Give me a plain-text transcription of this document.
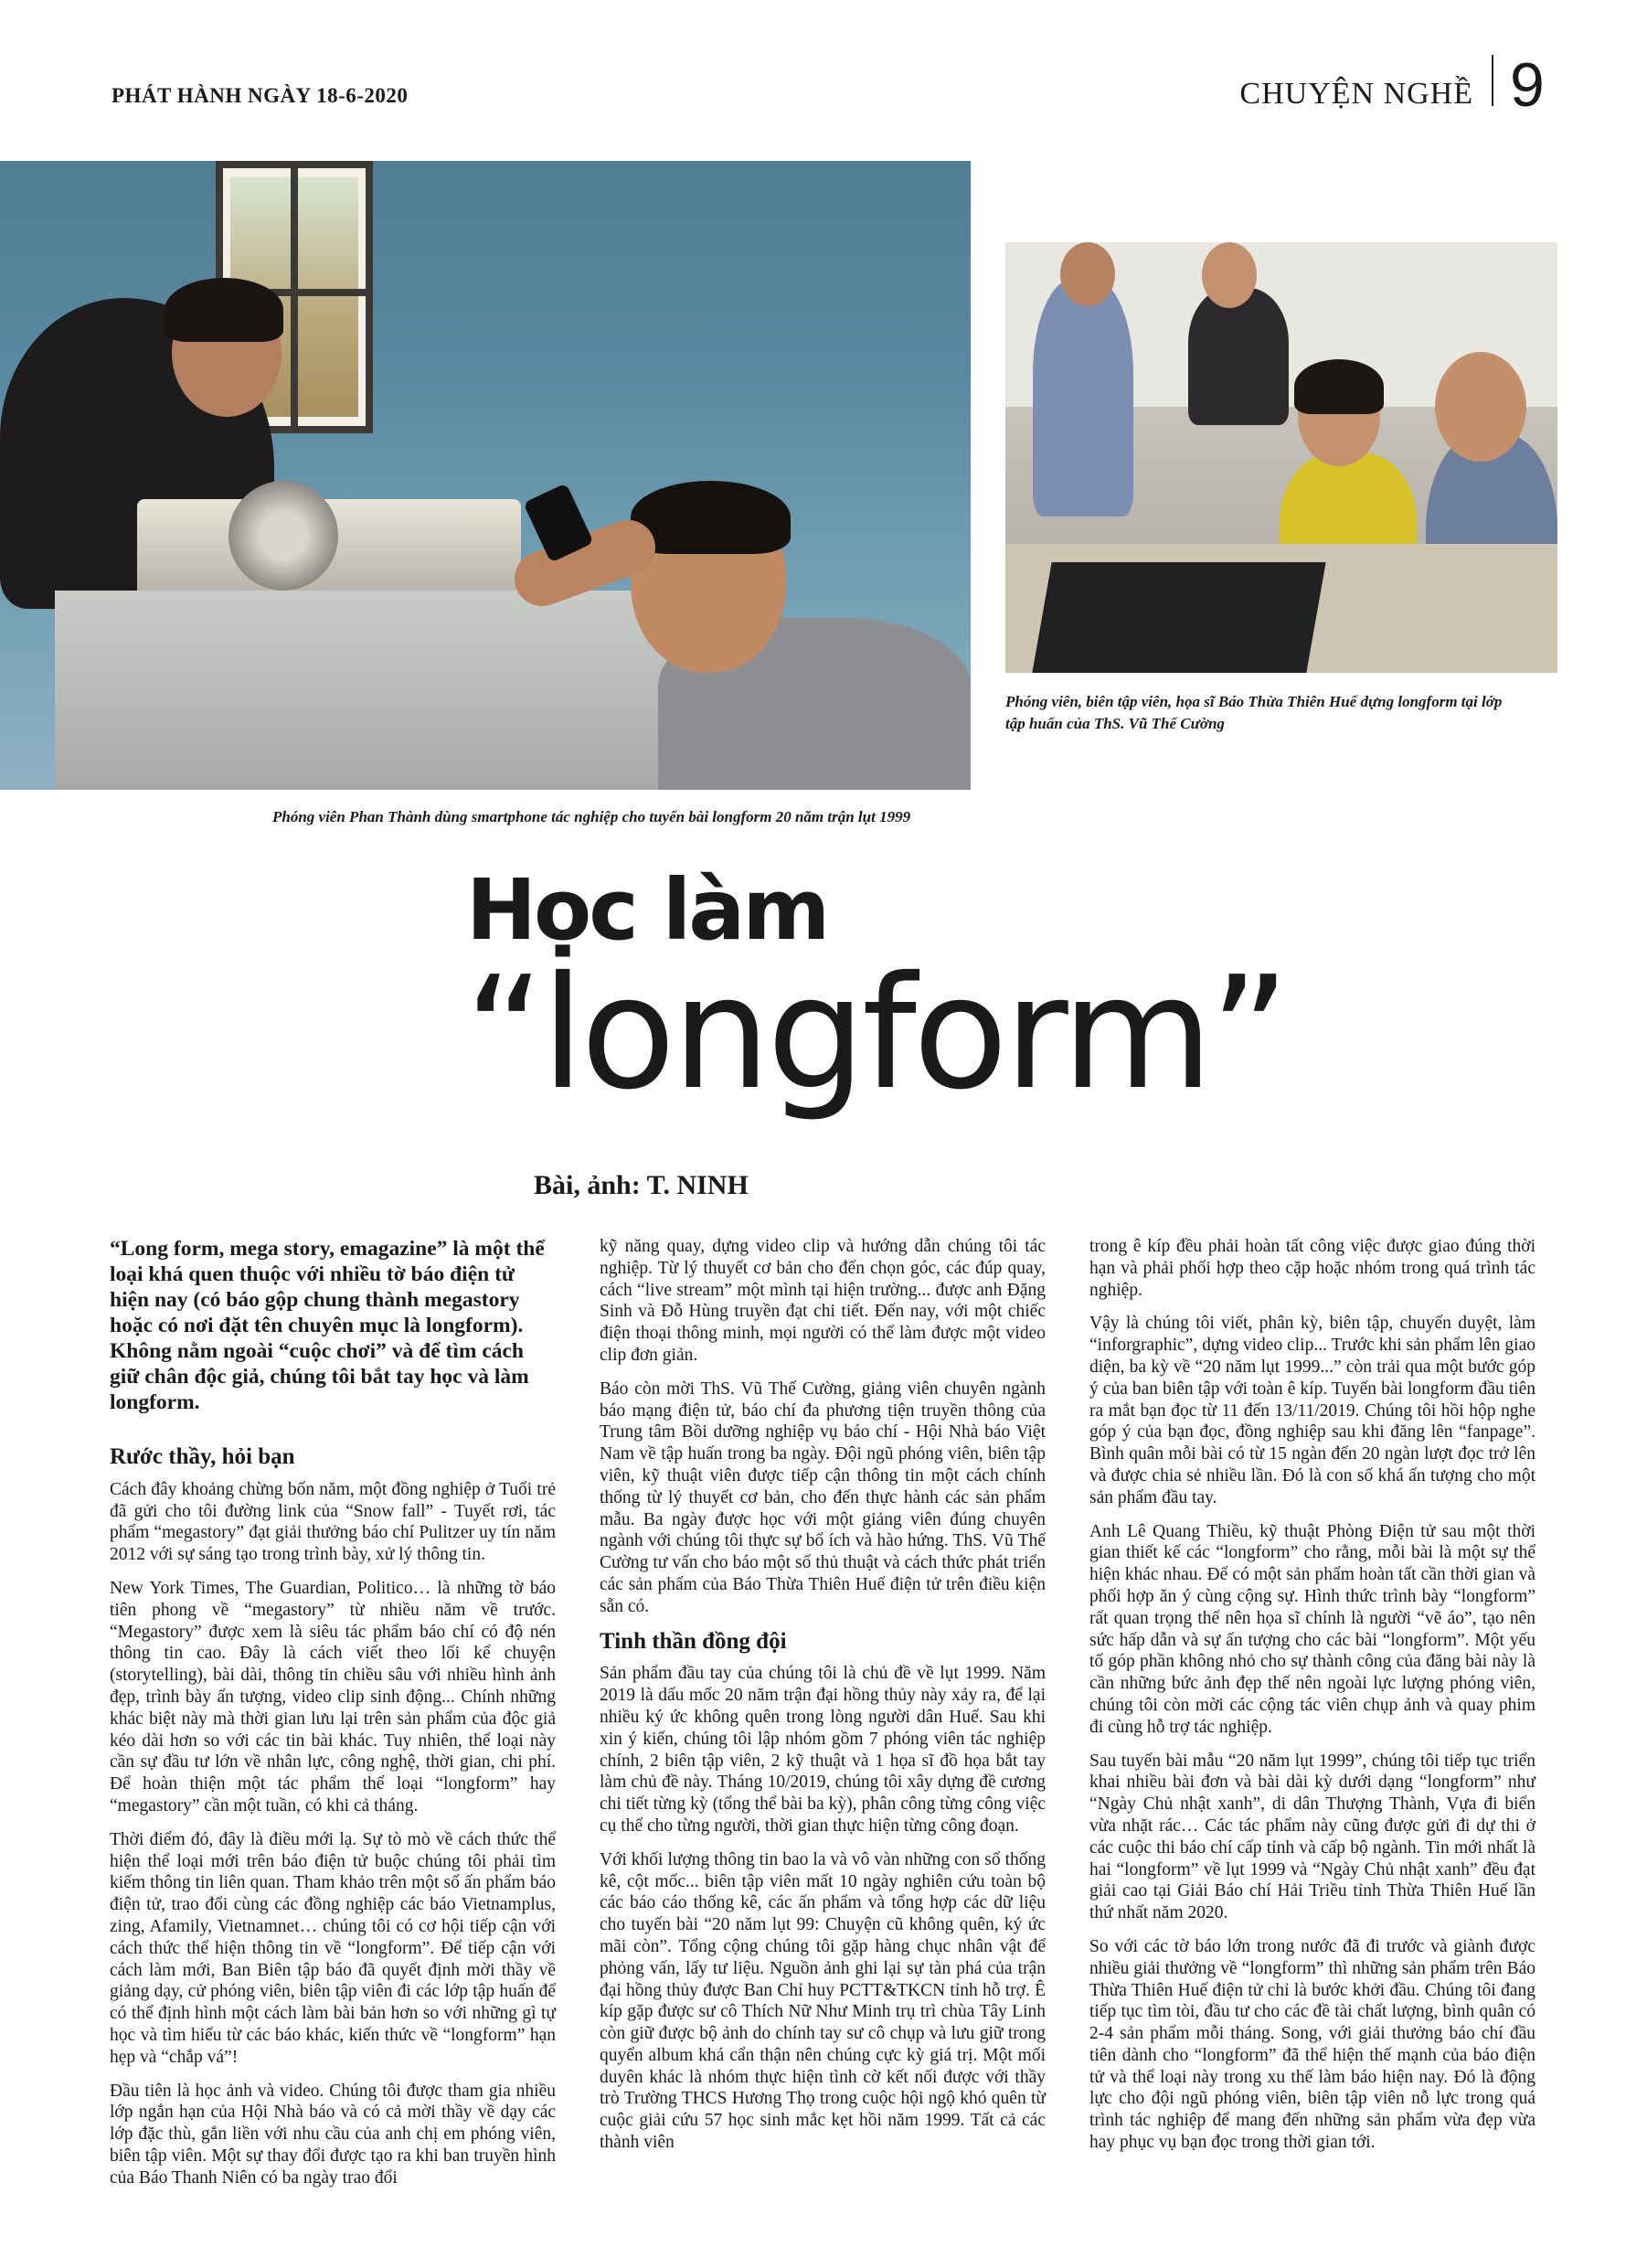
PHÁT HÀNH NGÀY 18-6-2020	CHUYỆN NGHỀ 9
Phóng viên Phan Thành dùng smartphone tác nghiệp cho tuyến bài longform 20 năm trận lụt 1999
Phóng viên, biên tập viên, họa sĩ Báo Thừa Thiên Huế dựng longform tại lớp tập huấn của ThS. Vũ Thế Cường
Học làm
“longform”
Bài, ảnh: T. NINH

“Long form, mega story, emagazine” là một thể loại khá quen thuộc với nhiều tờ báo điện tử hiện nay (có báo gộp chung thành megastory hoặc có nơi đặt tên chuyên mục là longform). Không nằm ngoài “cuộc chơi” và để tìm cách giữ chân độc giả, chúng tôi bắt tay học và làm longform.

Rước thầy, hỏi bạn

Cách đây khoảng chừng bốn năm, một đồng nghiệp ở Tuổi trẻ đã gửi cho tôi đường link của “Snow fall” - Tuyết rơi, tác phẩm “megastory” đạt giải thưởng báo chí Pulitzer uy tín năm 2012 với sự sáng tạo trong trình bày, xử lý thông tin.

New York Times, The Guardian, Politico… là những tờ báo tiên phong về “megastory” từ nhiều năm về trước. “Megastory” được xem là siêu tác phẩm báo chí có độ nén thông tin cao. Đây là cách viết theo lối kể chuyện (storytelling), bài dài, thông tin chiều sâu với nhiều hình ảnh đẹp, trình bày ấn tượng, video clip sinh động... Chính những khác biệt này mà thời gian lưu lại trên sản phẩm của độc giả kéo dài hơn so với các tin bài khác. Tuy nhiên, thể loại này cần sự đầu tư lớn về nhân lực, công nghệ, thời gian, chi phí. Để hoàn thiện một tác phẩm thể loại “longform” hay “megastory” cần một tuần, có khi cả tháng.

Thời điểm đó, đây là điều mới lạ. Sự tò mò về cách thức thể hiện thể loại mới trên báo điện tử buộc chúng tôi phải tìm kiếm thông tin liên quan. Tham khảo trên một số ấn phẩm báo điện tử, trao đổi cùng các đồng nghiệp các báo Vietnamplus, zing, Afamily, Vietnamnet… chúng tôi có cơ hội tiếp cận với cách thức thể hiện thông tin về “longform”. Để tiếp cận với cách làm mới, Ban Biên tập báo đã quyết định mời thầy về giảng dạy, cử phóng viên, biên tập viên đi các lớp tập huấn để có thể định hình một cách làm bài bản hơn so với những gì tự học và tìm hiểu từ các báo khác, kiến thức về “longform” hạn hẹp và “chắp vá”!

Đầu tiên là học ảnh và video. Chúng tôi được tham gia nhiều lớp ngắn hạn của Hội Nhà báo và có cả mời thầy về dạy các lớp đặc thù, gắn liền với nhu cầu của anh chị em phóng viên, biên tập viên. Một sự thay đổi được tạo ra khi ban truyền hình của Báo Thanh Niên có ba ngày trao đổi

kỹ năng quay, dựng video clip và hướng dẫn chúng tôi tác nghiệp. Từ lý thuyết cơ bản cho đến chọn góc, các đúp quay, cách “live stream” một mình tại hiện trường... được anh Đặng Sinh và Đỗ Hùng truyền đạt chi tiết. Đến nay, với một chiếc điện thoại thông minh, mọi người có thể làm được một video clip đơn giản.

Báo còn mời ThS. Vũ Thế Cường, giảng viên chuyên ngành báo mạng điện tử, báo chí đa phương tiện truyền thông của Trung tâm Bồi dưỡng nghiệp vụ báo chí - Hội Nhà báo Việt Nam về tập huấn trong ba ngày. Đội ngũ phóng viên, biên tập viên, kỹ thuật viên được tiếp cận thông tin một cách chính thống từ lý thuyết cơ bản, cho đến thực hành các sản phẩm mẫu. Ba ngày được học với một giảng viên đúng chuyên ngành với chúng tôi thực sự bổ ích và hào hứng. ThS. Vũ Thế Cường tư vấn cho báo một số thủ thuật và cách thức phát triển các sản phẩm của Báo Thừa Thiên Huế điện tử trên điều kiện sẵn có.

Tinh thần đồng đội

Sản phẩm đầu tay của chúng tôi là chủ đề về lụt 1999. Năm 2019 là dấu mốc 20 năm trận đại hồng thủy này xảy ra, để lại nhiều ký ức không quên trong lòng người dân Huế. Sau khi xin ý kiến, chúng tôi lập nhóm gồm 7 phóng viên tác nghiệp chính, 2 biên tập viên, 2 kỹ thuật và 1 họa sĩ đồ họa bắt tay làm chủ đề này. Tháng 10/2019, chúng tôi xây dựng đề cương chi tiết từng kỳ (tổng thể bài ba kỳ), phân công từng công việc cụ thể cho từng người, thời gian thực hiện từng công đoạn.

Với khối lượng thông tin bao la và vô vàn những con số thống kê, cột mốc... biên tập viên mất 10 ngày nghiên cứu toàn bộ các báo cáo thống kê, các ấn phẩm và tổng hợp các dữ liệu cho tuyến bài “20 năm lụt 99: Chuyện cũ không quên, ký ức mãi còn”. Tổng cộng chúng tôi gặp hàng chục nhân vật để phỏng vấn, lấy tư liệu. Nguồn ảnh ghi lại sự tàn phá của trận đại hồng thủy được Ban Chỉ huy PCTT&TKCN tỉnh hỗ trợ. Ê kíp gặp được sư cô Thích Nữ Như Minh trụ trì chùa Tây Linh còn giữ được bộ ảnh do chính tay sư cô chụp và lưu giữ trong quyển album khá cẩn thận nên chúng cực kỳ giá trị. Một mối duyên khác là nhóm thực hiện tình cờ kết nối được với thầy trò Trường THCS Hương Thọ trong cuộc hội ngộ khó quên từ cuộc giải cứu 57 học sinh mắc kẹt hồi năm 1999. Tất cả các thành viên

trong ê kíp đều phải hoàn tất công việc được giao đúng thời hạn và phải phối hợp theo cặp hoặc nhóm trong quá trình tác nghiệp.

Vậy là chúng tôi viết, phân kỳ, biên tập, chuyển duyệt, làm “inforgraphic”, dựng video clip... Trước khi sản phẩm lên giao diện, ba kỳ về “20 năm lụt 1999...” còn trải qua một bước góp ý của ban biên tập với toàn ê kíp. Tuyến bài longform đầu tiên ra mắt bạn đọc từ 11 đến 13/11/2019. Chúng tôi hồi hộp nghe góp ý của bạn đọc, đồng nghiệp sau khi đăng lên “fanpage”. Bình quân mỗi bài có từ 15 ngàn đến 20 ngàn lượt đọc trở lên và được chia sẻ nhiều lần. Đó là con số khá ấn tượng cho một sản phẩm đầu tay.

Anh Lê Quang Thiều, kỹ thuật Phòng Điện tử sau một thời gian thiết kế các “longform” cho rằng, mỗi bài là một sự thể hiện khác nhau. Để có một sản phẩm hoàn tất cần thời gian và phối hợp ăn ý cùng cộng sự. Hình thức trình bày “longform” rất quan trọng thế nên họa sĩ chính là người “vẽ áo”, tạo nên sức hấp dẫn và sự ấn tượng cho các bài “longform”. Một yếu tố góp phần không nhỏ cho sự thành công của đăng bài này là cần những bức ảnh đẹp thế nên ngoài lực lượng phóng viên, chúng tôi còn mời các cộng tác viên chụp ảnh và quay phim đi cùng hỗ trợ tác nghiệp.

Sau tuyến bài mẫu “20 năm lụt 1999”, chúng tôi tiếp tục triển khai nhiều bài đơn và bài dài kỳ dưới dạng “longform” như “Ngày Chủ nhật xanh”, di dân Thượng Thành, Vựa đi biển vừa nhặt rác… Các tác phẩm này cũng được gửi đi dự thi ở các cuộc thi báo chí cấp tỉnh và cấp bộ ngành. Tin mới nhất là hai “longform” về lụt 1999 và “Ngày Chủ nhật xanh” đều đạt giải cao tại Giải Báo chí Hải Triều tỉnh Thừa Thiên Huế lần thứ nhất năm 2020.

So với các tờ báo lớn trong nước đã đi trước và giành được nhiều giải thưởng về “longform” thì những sản phẩm trên Báo Thừa Thiên Huế điện tử chỉ là bước khởi đầu. Chúng tôi đang tiếp tục tìm tòi, đầu tư cho các đề tài chất lượng, bình quân có 2-4 sản phẩm mỗi tháng. Song, với giải thưởng báo chí đầu tiên dành cho “longform” đã thể hiện thế mạnh của báo điện tử và thể loại này trong xu thế làm báo hiện nay. Đó là động lực cho đội ngũ phóng viên, biên tập viên nỗ lực trong quá trình tác nghiệp để mang đến những sản phẩm vừa đẹp vừa hay phục vụ bạn đọc trong thời gian tới.
